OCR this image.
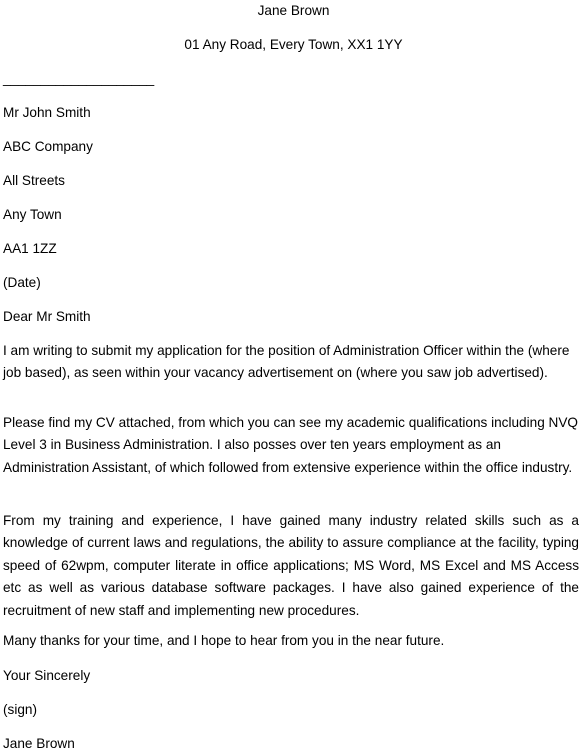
Jane Brown
01 Any Road, Every Town, XX1 1YY
____________________
Mr John Smith
ABC Company
All Streets
Any Town
AA1 1ZZ
(Date)
Dear Mr Smith
I am writing to submit my application for the position of Administration Officer within the (where job based), as seen within your vacancy advertisement on (where you saw job advertised).
Please find my CV attached, from which you can see my academic qualifications including NVQ Level 3 in Business Administration. I also posses over ten years employment as an Administration Assistant, of which followed from extensive experience within the office industry.
From my training and experience, I have gained many industry related skills such as a knowledge of current laws and regulations, the ability to assure compliance at the facility, typing speed of 62wpm, computer literate in office applications; MS Word, MS Excel and MS Access etc as well as various database software packages. I have also gained experience of the recruitment of new staff and implementing new procedures.
Many thanks for your time, and I hope to hear from you in the near future.
Your Sincerely
(sign)
Jane Brown
